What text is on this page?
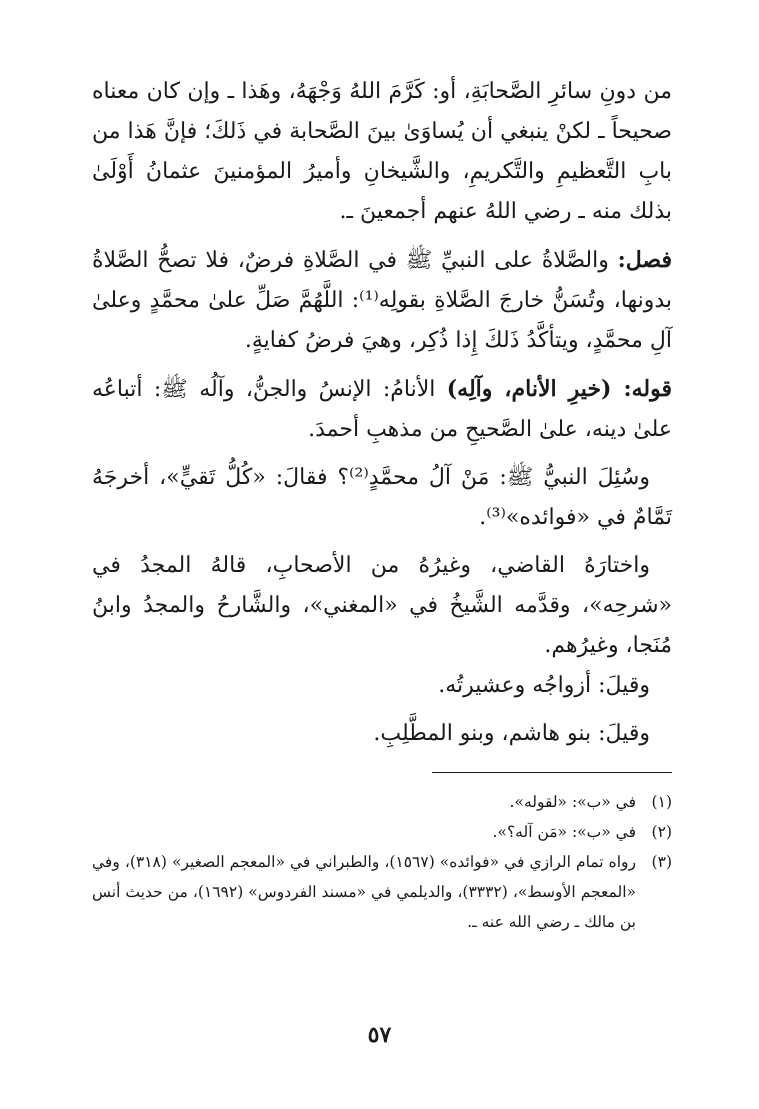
من دونِ سائرِ الصَّحابَةِ، أو: كَرَّمَ اللهُ وَجْهَهُ، وهَذا ـ وإن كان معناه صحيحاً ـ لكنْ ينبغي أن يُساوَىٰ بينَ الصَّحابة في ذَلكَ؛ فإنَّ هَذا من بابِ التَّعظيمِ والتَّكريمِ، والشَّيخانِ وأميرُ المؤمنينَ عثمانُ أَوْلَىٰ بذلك منه ـ رضي اللهُ عنهم أجمعينَ ـ.

فصل: والصَّلاةُ على النبيِّ ﷺ في الصَّلاةِ فرضٌ، فلا تصحُّ الصَّلاةُ بدونها، وتُسَنُّ خارجَ الصَّلاةِ بقولِه⁽¹⁾: اللَّهُمَّ صَلِّ علىٰ محمَّدٍ وعلىٰ آلِ محمَّدٍ، ويتأكَّدُ ذَلكَ إِذا ذُكِر، وهيَ فرضُ كفايةٍ.

قوله: (خيرِ الأنام، وآلِه) الأنامُ: الإنسُ والجنُّ، وآلُه ﷺ: أتباعُه علىٰ دينه، علىٰ الصَّحيحِ من مذهبِ أحمدَ.

وسُئِلَ النبيُّ ﷺ: مَنْ آلُ محمَّدٍ⁽²⁾؟ فقالَ: «كُلُّ تَقيٍّ»، أخرجَهُ تَمَّامٌ في «فوائده»⁽³⁾.

واختارَهُ القاضي، وغيرُهُ من الأصحابِ، قالهُ المجدُ في «شرحِه»، وقدَّمه الشَّيخُ في «المغني»، والشَّارحُ والمجدُ وابنُ مُنَجا، وغيرُهم.

وقيلَ: أزواجُه وعشيرتُه.

وقيلَ: بنو هاشم، وبنو المطَّلِبِ.

(١)
في «ب»: «لقوله».
(٢)
في «ب»: «مَن آله؟».
(٣)
رواه تمام الرازي في «فوائده» (١٥٦٧)، والطبراني في «المعجم الصغير» (٣١٨)، وفي «المعجم الأوسط»، (٣٣٣٢)، والديلمي في «مسند الفردوس» (١٦٩٢)، من حديث أنس بن مالك ـ رضي الله عنه ـ.
٥٧
